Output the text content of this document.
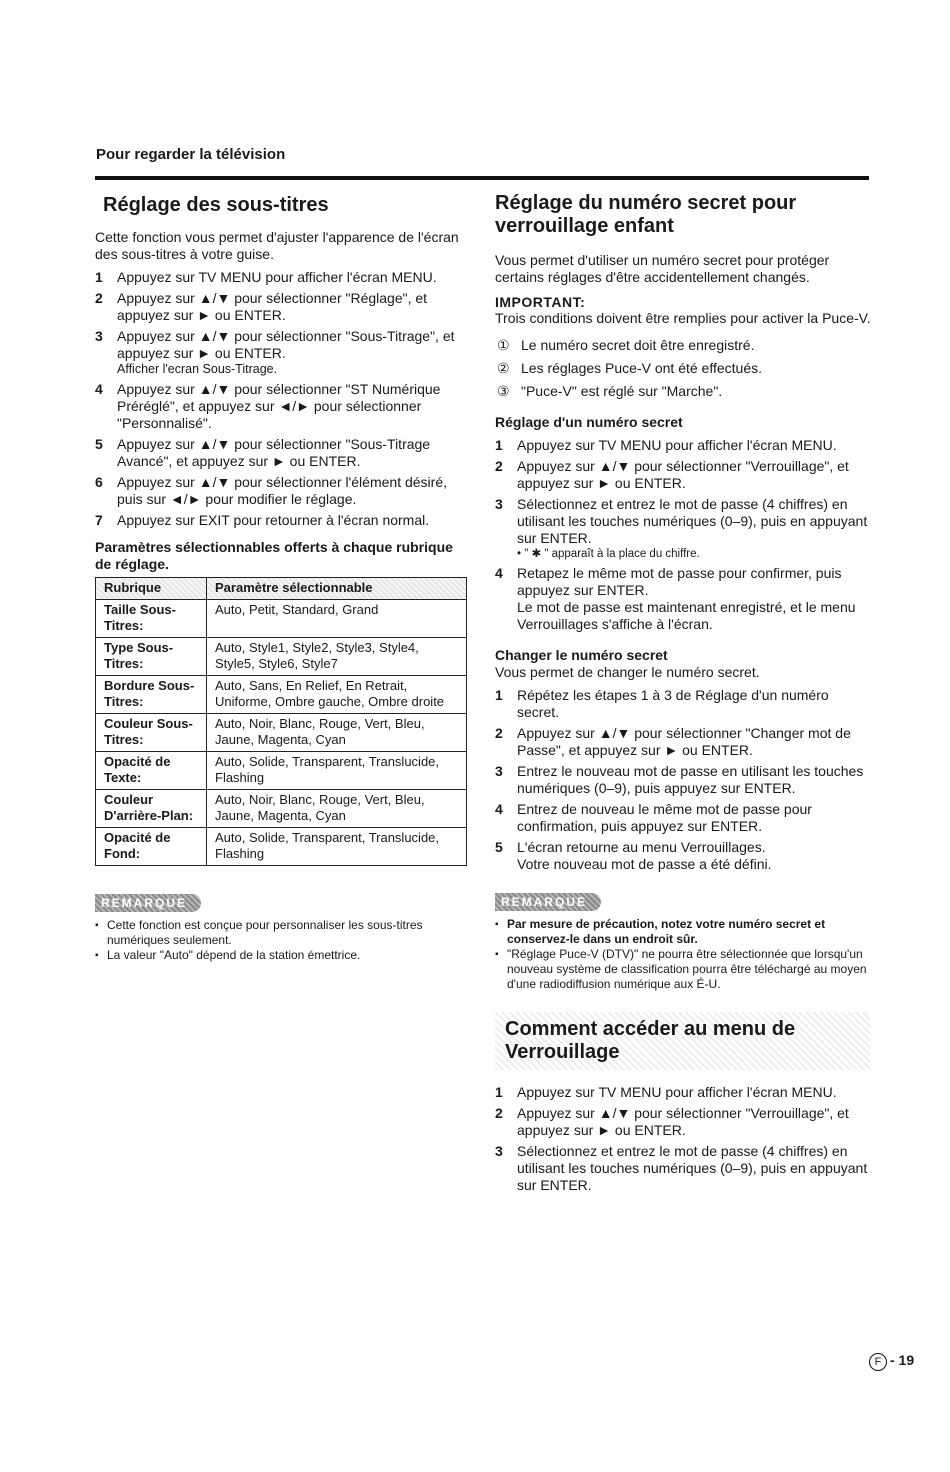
Pour regarder la télévision
Réglage des sous-titres

Cette fonction vous permet d'ajuster l'apparence de l'écran des sous-titres à votre guise.

1 Appuyez sur TV MENU pour afficher l'écran MENU.
2 Appuyez sur ▲/▼ pour sélectionner "Réglage", et appuyez sur ► ou ENTER.
3 Appuyez sur ▲/▼ pour sélectionner "Sous-Titrage", et appuyez sur ► ou ENTER.
Afficher l'ecran Sous-Titrage.
4 Appuyez sur ▲/▼ pour sélectionner "ST Numérique Préréglé", et appuyez sur ◄/► pour sélectionner "Personnalisé".
5 Appuyez sur ▲/▼ pour sélectionner "Sous-Titrage Avancé", et appuyez sur ► ou ENTER.
6 Appuyez sur ▲/▼ pour sélectionner l'élément désiré, puis sur ◄/► pour modifier le réglage.
7 Appuyez sur EXIT pour retourner à l'écran normal.
Paramètres sélectionnables offerts à chaque rubrique de réglage.
Rubrique	Paramètre sélectionnable
Taille Sous-Titres:	Auto, Petit, Standard, Grand
Type Sous-Titres:	Auto, Style1, Style2, Style3, Style4, Style5, Style6, Style7
Bordure Sous-Titres:	Auto, Sans, En Relief, En Retrait, Uniforme, Ombre gauche, Ombre droite
Couleur Sous-Titres:	Auto, Noir, Blanc, Rouge, Vert, Bleu, Jaune, Magenta, Cyan
Opacité de Texte:	Auto, Solide, Transparent, Translucide, Flashing
Couleur D'arrière-Plan:	Auto, Noir, Blanc, Rouge, Vert, Bleu, Jaune, Magenta, Cyan
Opacité de Fond:	Auto, Solide, Transparent, Translucide, Flashing
REMARQUE
▪ Cette fonction est conçue pour personnaliser les sous-titres numériques seulement.
▪ La valeur "Auto" dépend de la station émettrice.
Réglage du numéro secret pour verrouillage enfant

Vous permet d'utiliser un numéro secret pour protéger certains réglages d'être accidentellement changés.

IMPORTANT:

Trois conditions doivent être remplies pour activer la Puce-V.

① Le numéro secret doit être enregistré.
② Les réglages Puce-V ont été effectués.
③ "Puce-V" est réglé sur "Marche".
Réglage d'un numéro secret
1 Appuyez sur TV MENU pour afficher l'écran MENU.
2 Appuyez sur ▲/▼ pour sélectionner "Verrouillage", et appuyez sur ► ou ENTER.
3 Sélectionnez et entrez le mot de passe (4 chiffres) en utilisant les touches numériques (0–9), puis en appuyant sur ENTER.
• " ✱ " apparaît à la place du chiffre.
4 Retapez le même mot de passe pour confirmer, puis appuyez sur ENTER.
Le mot de passe est maintenant enregistré, et le menu Verrouillages s'affiche à l'écran.
Changer le numéro secret

Vous permet de changer le numéro secret.

1 Répétez les étapes 1 à 3 de Réglage d'un numéro secret.
2 Appuyez sur ▲/▼ pour sélectionner "Changer mot de Passe", et appuyez sur ► ou ENTER.
3 Entrez le nouveau mot de passe en utilisant les touches numériques (0–9), puis appuyez sur ENTER.
4 Entrez de nouveau le même mot de passe pour confirmation, puis appuyez sur ENTER.
5 L'écran retourne au menu Verrouillages.
Votre nouveau mot de passe a été défini.
REMARQUE
▪ Par mesure de précaution, notez votre numéro secret et conservez-le dans un endroit sûr.
▪ "Réglage Puce-V (DTV)" ne pourra être sélectionnée que lorsqu'un nouveau système de classification pourra être téléchargé au moyen d'une radiodiffusion numérique aux É-U.
Comment accéder au menu de Verrouillage
1 Appuyez sur TV MENU pour afficher l'écran MENU.
2 Appuyez sur ▲/▼ pour sélectionner "Verrouillage", et appuyez sur ► ou ENTER.
3 Sélectionnez et entrez le mot de passe (4 chiffres) en utilisant les touches numériques (0–9), puis en appuyant sur ENTER.
F - 19
